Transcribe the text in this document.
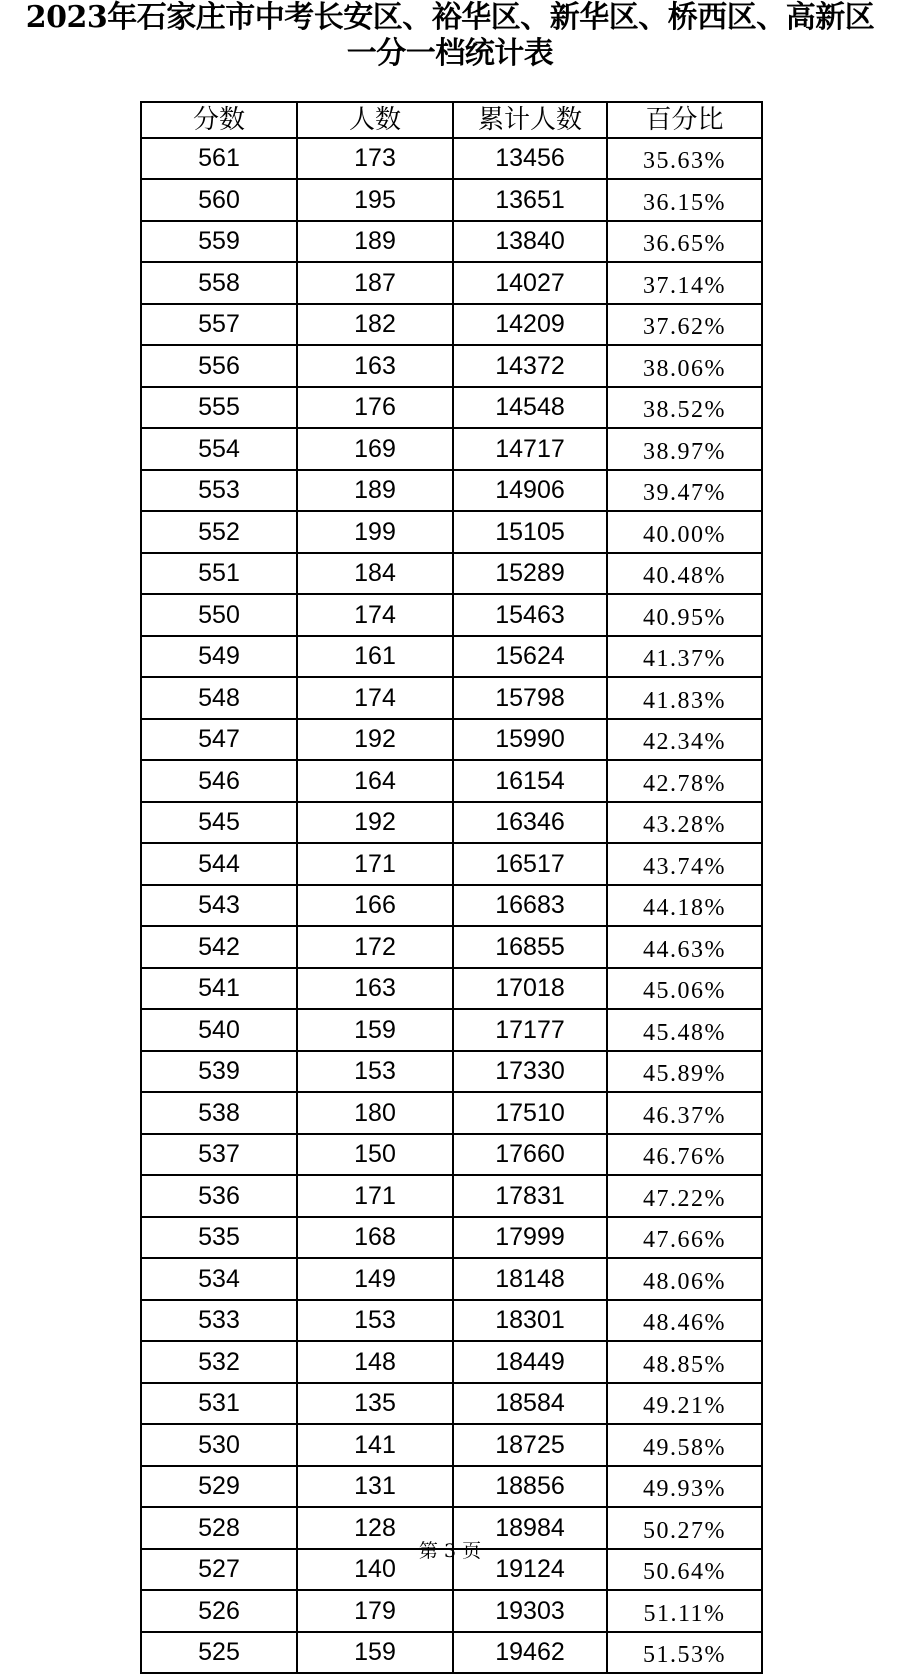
2023年石家庄市中考长安区、裕华区、新华区、桥西区、高新区
一分一档统计表
分数	人数	累计人数	百分比
561	173	13456	35.63%
560	195	13651	36.15%
559	189	13840	36.65%
558	187	14027	37.14%
557	182	14209	37.62%
556	163	14372	38.06%
555	176	14548	38.52%
554	169	14717	38.97%
553	189	14906	39.47%
552	199	15105	40.00%
551	184	15289	40.48%
550	174	15463	40.95%
549	161	15624	41.37%
548	174	15798	41.83%
547	192	15990	42.34%
546	164	16154	42.78%
545	192	16346	43.28%
544	171	16517	43.74%
543	166	16683	44.18%
542	172	16855	44.63%
541	163	17018	45.06%
540	159	17177	45.48%
539	153	17330	45.89%
538	180	17510	46.37%
537	150	17660	46.76%
536	171	17831	47.22%
535	168	17999	47.66%
534	149	18148	48.06%
533	153	18301	48.46%
532	148	18449	48.85%
531	135	18584	49.21%
530	141	18725	49.58%
529	131	18856	49.93%
528	128	18984	50.27%
527	140	19124	50.64%
526	179	19303	51.11%
525	159	19462	51.53%
第 3 页
